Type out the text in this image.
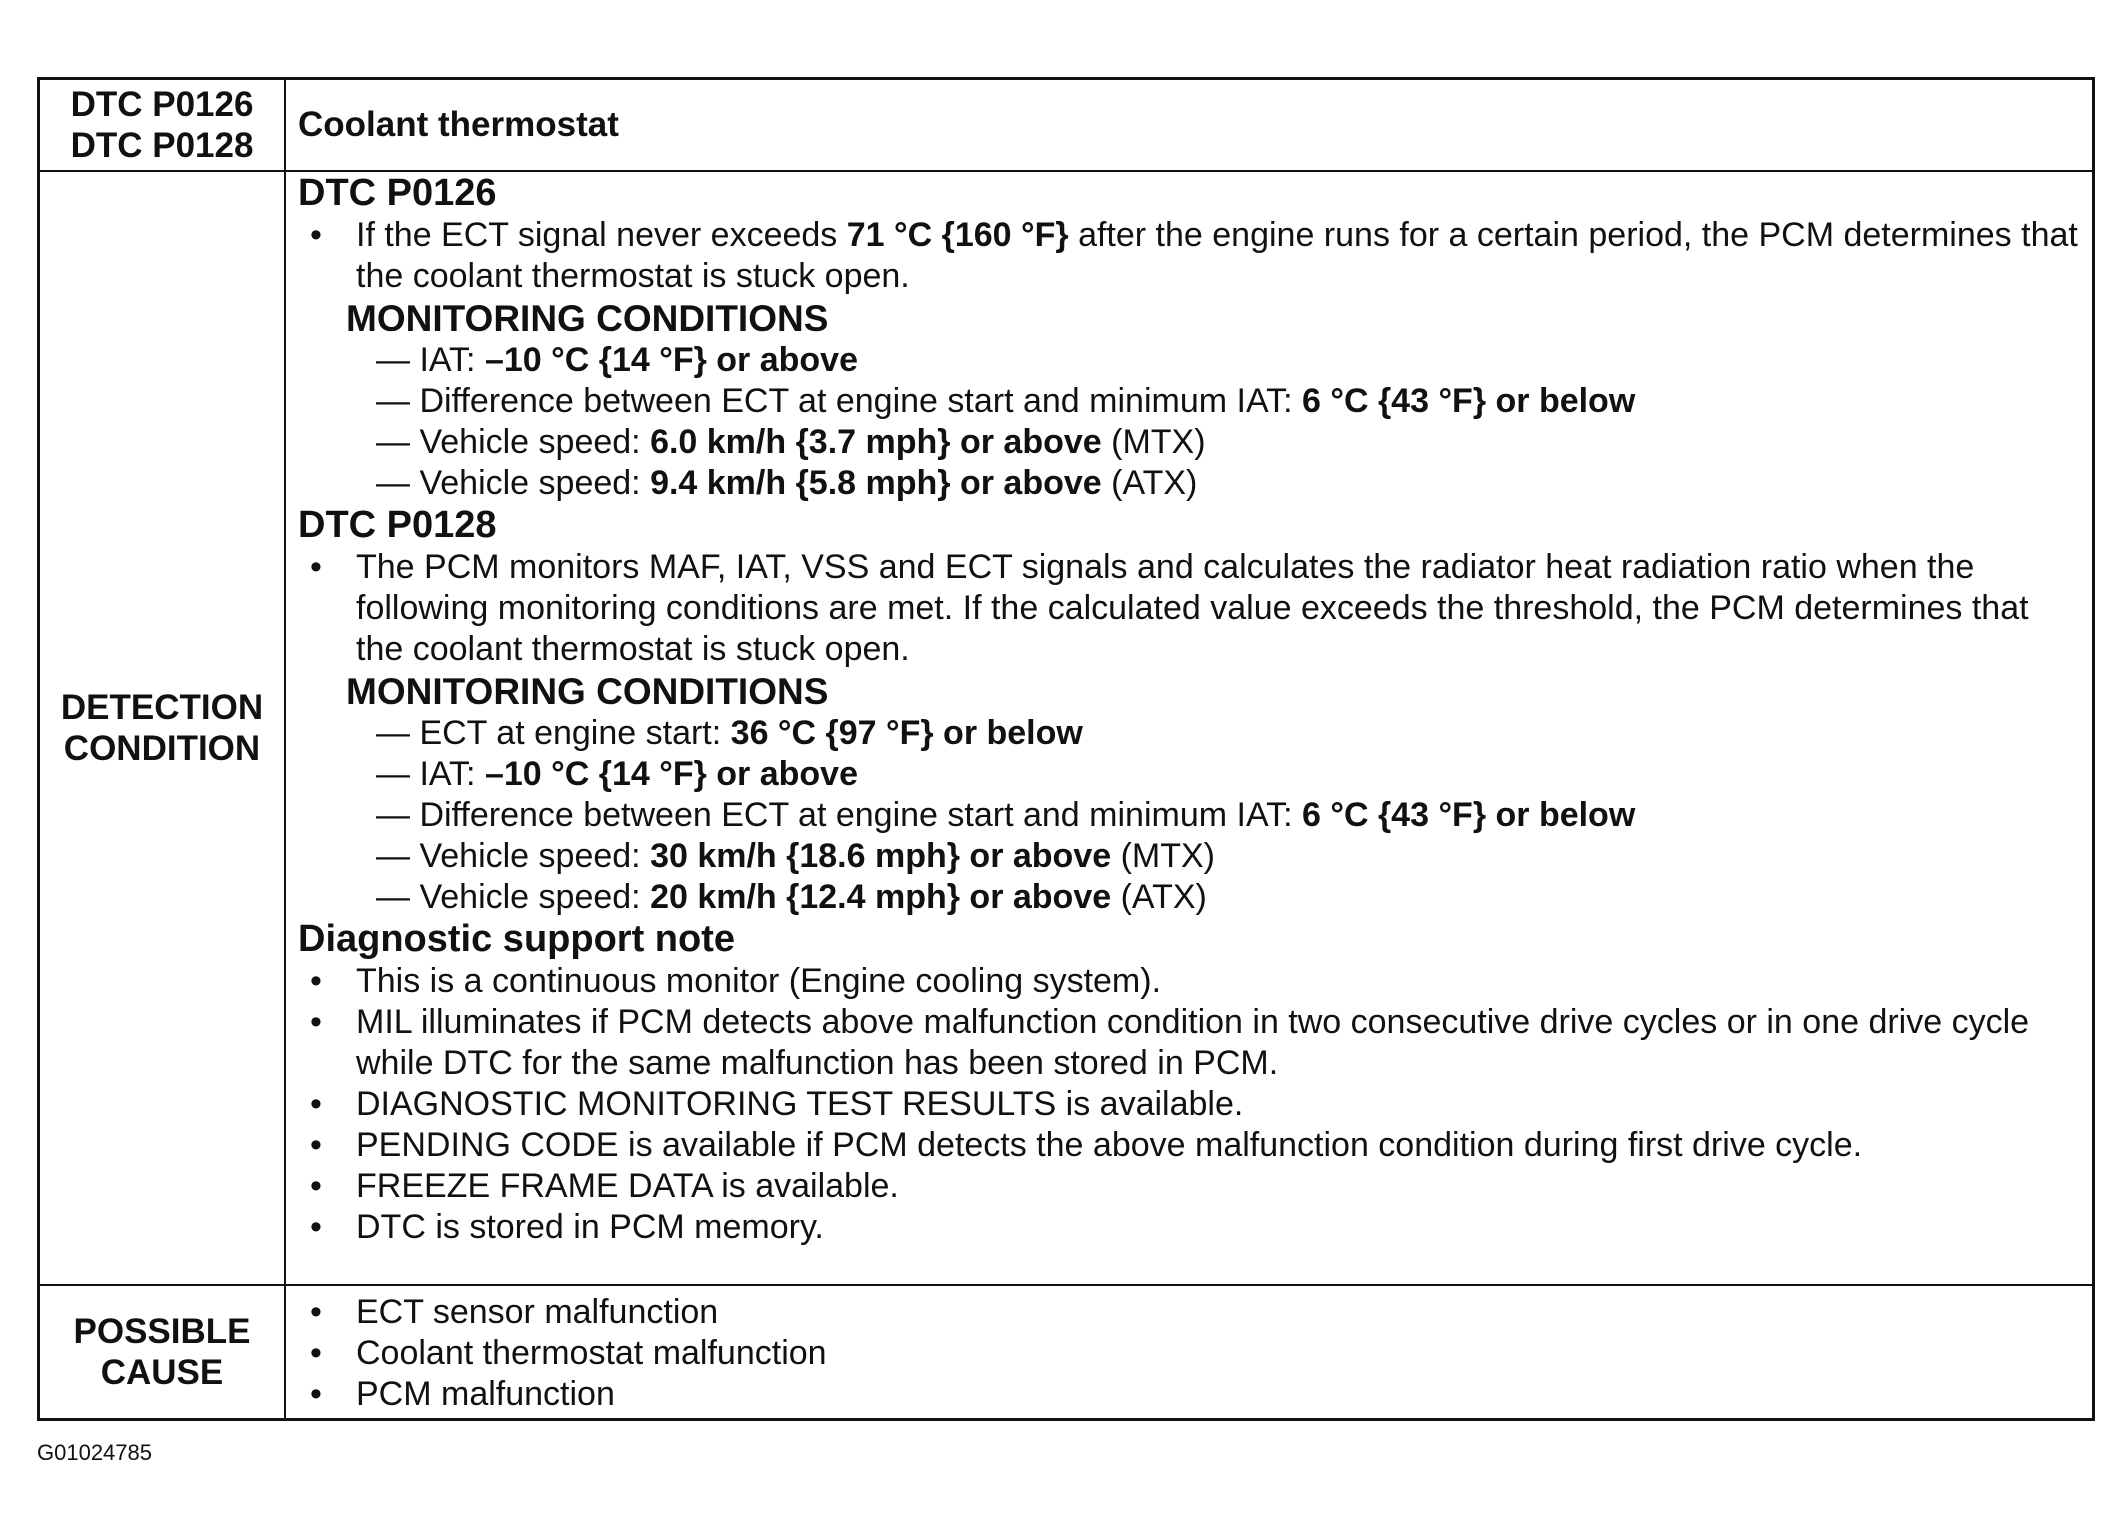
DTC P0126
DTC P0128
Coolant thermostat
DETECTION
CONDITION
DTC P0126
• If the ECT signal never exceeds 71 °C {160 °F} after the engine runs for a certain period, the PCM determines that the coolant thermostat is stuck open.
MONITORING CONDITIONS
— IAT: –10 °C {14 °F} or above
— Difference between ECT at engine start and minimum IAT: 6 °C {43 °F} or below
— Vehicle speed: 6.0 km/h {3.7 mph} or above (MTX)
— Vehicle speed: 9.4 km/h {5.8 mph} or above (ATX)
DTC P0128
• The PCM monitors MAF, IAT, VSS and ECT signals and calculates the radiator heat radiation ratio when the following monitoring conditions are met. If the calculated value exceeds the threshold, the PCM determines that the coolant thermostat is stuck open.
MONITORING CONDITIONS
— ECT at engine start: 36 °C {97 °F} or below
— IAT: –10 °C {14 °F} or above
— Difference between ECT at engine start and minimum IAT: 6 °C {43 °F} or below
— Vehicle speed: 30 km/h {18.6 mph} or above (MTX)
— Vehicle speed: 20 km/h {12.4 mph} or above (ATX)
Diagnostic support note
• This is a continuous monitor (Engine cooling system).
• MIL illuminates if PCM detects above malfunction condition in two consecutive drive cycles or in one drive cycle while DTC for the same malfunction has been stored in PCM.
• DIAGNOSTIC MONITORING TEST RESULTS is available.
• PENDING CODE is available if PCM detects the above malfunction condition during first drive cycle.
• FREEZE FRAME DATA is available.
• DTC is stored in PCM memory.
POSSIBLE
CAUSE
• ECT sensor malfunction
• Coolant thermostat malfunction
• PCM malfunction
G01024785
